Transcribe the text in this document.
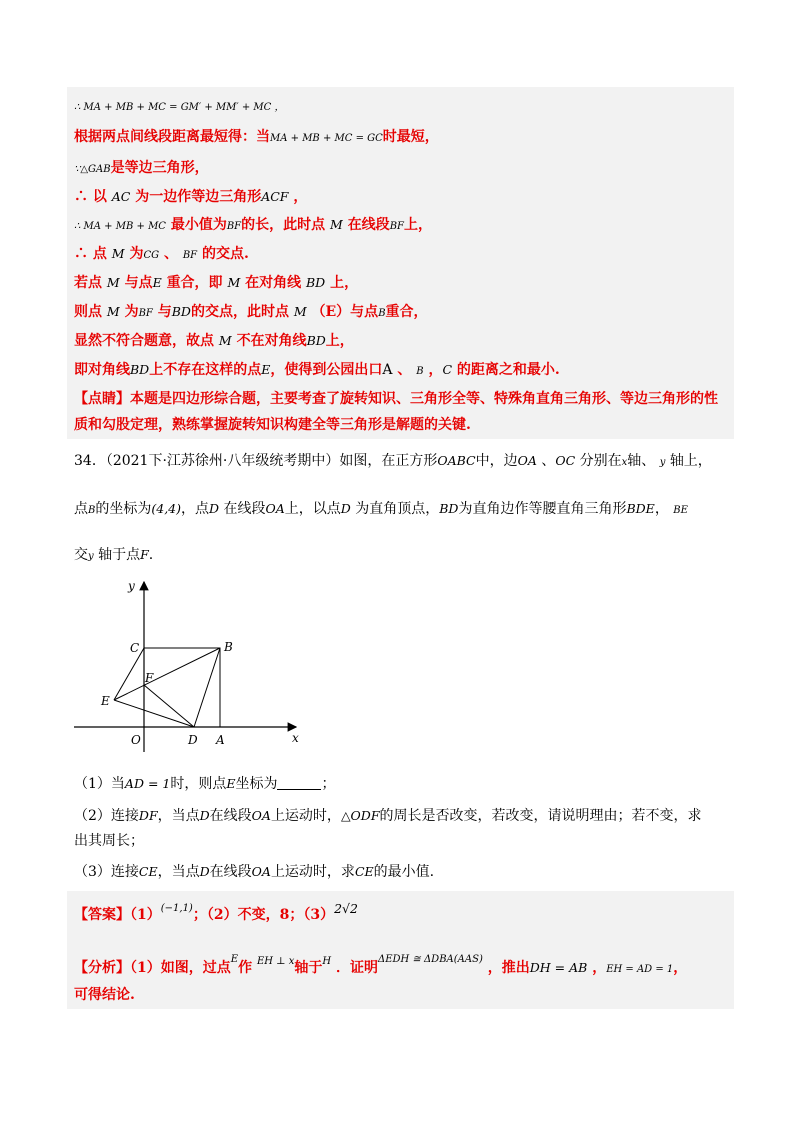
∴ MA + MB + MC = GM′ + MM′ + MC ，
根据两点间线段距离最短得：当MA + MB + MC = GC时最短，
∵△GAB是等边三角形，
∴ 以 AC 为一边作等边三角形ACF ，
∴ MA + MB + MC 最小值为BF的长，此时点 M 在线段BF上，
∴ 点 M 为CG 、 BF 的交点.
若点 M 与点E 重合，即 M 在对角线 BD 上，
则点 M 为BF 与BD的交点，此时点 M （E）与点B重合，
显然不符合题意，故点 M 不在对角线BD上，
即对角线BD上不存在这样的点E，使得到公园出口A 、 B ，C 的距离之和最小.
【点睛】本题是四边形综合题，主要考查了旋转知识、三角形全等、特殊角直角三角形、等边三角形的性
质和勾股定理，熟练掌握旋转知识构建全等三角形是解题的关键.
34．（2021下·江苏徐州·八年级统考期中）如图，在正方形OABC中，边OA 、OC 分别在x轴、 y 轴上，
点B的坐标为(4,4)，点D 在线段OA上，以点D 为直角顶点，BD为直角边作等腰直角三角形BDE， BE
交y 轴于点F.
y
x
C	B
F
E
O	D A
（1）当AD = 1时，则点E坐标为	；
（2）连接DF，当点D在线段OA上运动时，△ODF的周长是否改变，若改变，请说明理由；若不变，求
出其周长；
（3）连接CE，当点D在线段OA上运动时，求CE的最小值.
【答案】$(1)^{(-1,1)}$；（2）不变，8；（3）2√2
【分析】（1）如图，过点$^E$作 $^{EH \perp x}$轴于$^H$ ．证明$^{\Delta EDH ≅ \Delta DBA(AAS)}$ ，推出DH = AB ，EH = AD = 1，
可得结论.
